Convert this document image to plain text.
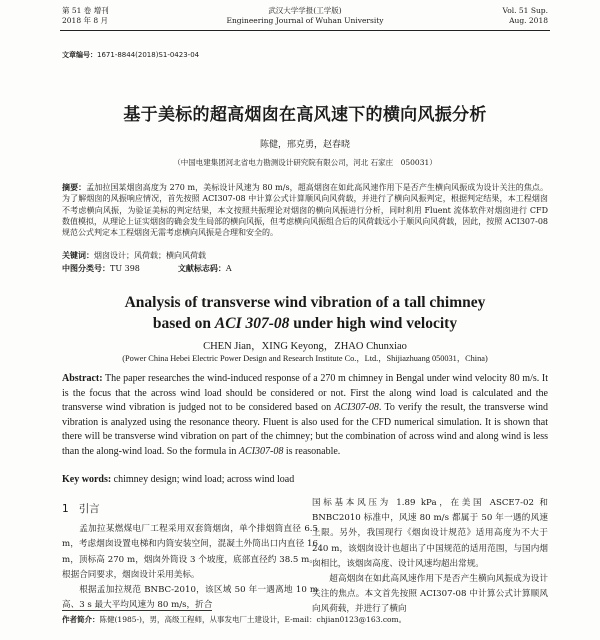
第 51 卷 增刊
2018 年 8 月
武汉大学学报(工学版)
Engineering Journal of Wuhan University
Vol. 51 Sup.
Aug. 2018
文章编号：1671-8844(2018)S1-0423-04
基于美标的超高烟囱在高风速下的横向风振分析
陈健，邢克勇，赵春晓
（中国电建集团河北省电力勘测设计研究院有限公司，河北 石家庄　050031）
摘要：孟加拉国某烟囱高度为 270 m，美标设计风速为 80 m/s，超高烟囱在如此高风速作用下是否产生横向风振成为设计关注的焦点。为了解烟囱的风振响应情况，首先按照 ACI307-08 中计算公式计算顺风向风荷载，并进行了横向风振判定，根据判定结果，本工程烟囱不考虑横向风振，为验证美标的判定结果，本文按照共振理论对烟囱的横向风振进行分析，同时利用 Fluent 流体软件对烟囱进行 CFD 数值模拟，从理论上证实烟囱的确会发生局部的横向风振，但考虑横向风振组合后的风荷载远小于顺风向风荷载，因此，按照 ACI307-08 规范公式判定本工程烟囱无需考虑横向风振是合理和安全的。
关键词：烟囱设计；风荷载；横向风荷载
中图分类号：TU 398	文献标志码：A
Analysis of transverse wind vibration of a tall chimney
based on ACI 307-08 under high wind velocity
CHEN Jian，XING Keyong，ZHAO Chunxiao
(Power China Hebei Electric Power Design and Research Institute Co.，Ltd.，Shijiazhuang 050031，China)
Abstract: The paper researches the wind-induced response of a 270 m chimney in Bengal under wind velocity 80 m/s. It is the focus that the across wind load should be considered or not. First the along wind load is calculated and the transverse wind vibration is judged not to be considered based on ACI307-08. To verify the result, the transverse wind vibration is analyzed using the resonance theory. Fluent is also used for the CFD numerical simulation. It is shown that there will be transverse wind vibration on part of the chimney; but the combination of across wind and along wind is less than the along-wind load. So the formula in ACI307-08 is reasonable.
Key words: chimney design; wind load; across wind load
1 引言

孟加拉某燃煤电厂工程采用双套筒烟囱，单个排烟筒直径 6.5 m，考虑烟囱设置电梯和内筒安装空间，混凝土外筒出口内直径 16 m，顶标高 270 m，烟囱外筒设 3 个坡度，底部直径约 38.5 m。根据合同要求，烟囱设计采用美标。

根据孟加拉规范 BNBC-2010，该区域 50 年一遇离地 10 m 高、3 s 最大平均风速为 80 m/s，折合

国标基本风压为 1.89 kPa，在美国 ASCE7-02 和 BNBC2010 标准中，风速 80 m/s 都属于 50 年一遇的风速上限。另外，我国现行《烟囱设计规范》适用高度为不大于 240 m，该烟囱设计也超出了中国规范的适用范围，与国内烟囱相比，该烟囱高度、设计风速均超出常规。

超高烟囱在如此高风速作用下是否产生横向风振成为设计关注的焦点。本文首先按照 ACI307-08 中计算公式计算顺风向风荷载，并进行了横向

作者简介：陈健(1985-)，男，高级工程师，从事发电厂土建设计，E-mail：chjian0123@163.com。
